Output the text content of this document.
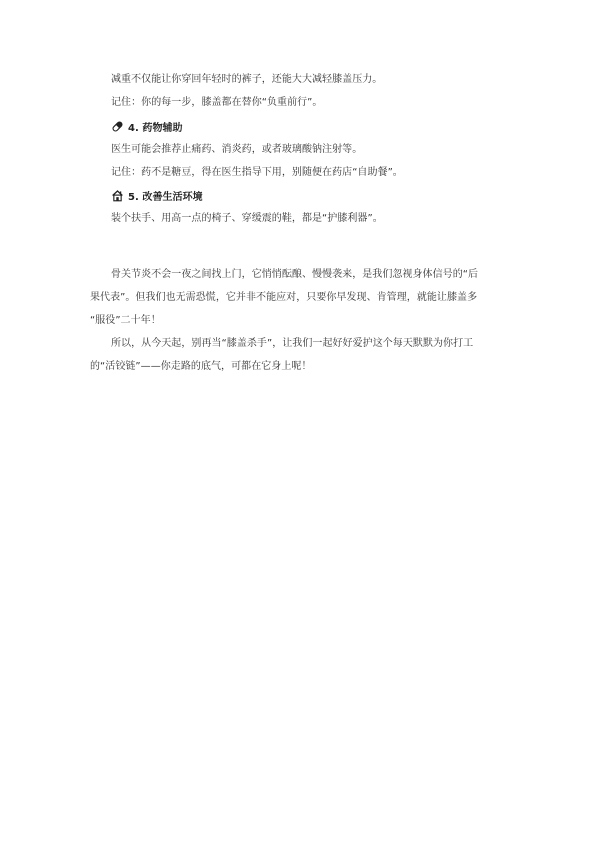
减重不仅能让你穿回年轻时的裤子，还能大大减轻膝盖压力。
记住：你的每一步，膝盖都在替你“负重前行”。
4. 药物辅助
医生可能会推荐止痛药、消炎药，或者玻璃酸钠注射等。
记住：药不是糖豆，得在医生指导下用，别随便在药店“自助餐”。
5. 改善生活环境
装个扶手、用高一点的椅子、穿缓震的鞋，都是“护膝利器”。
骨关节炎不会一夜之间找上门，它悄悄酝酿、慢慢袭来，是我们忽视身体信号的“后
果代表”。但我们也无需恐慌，它并非不能应对，只要你早发现、肯管理，就能让膝盖多
“服役”二十年！
所以，从今天起，别再当“膝盖杀手”，让我们一起好好爱护这个每天默默为你打工
的“活铰链”——你走路的底气，可都在它身上呢！
